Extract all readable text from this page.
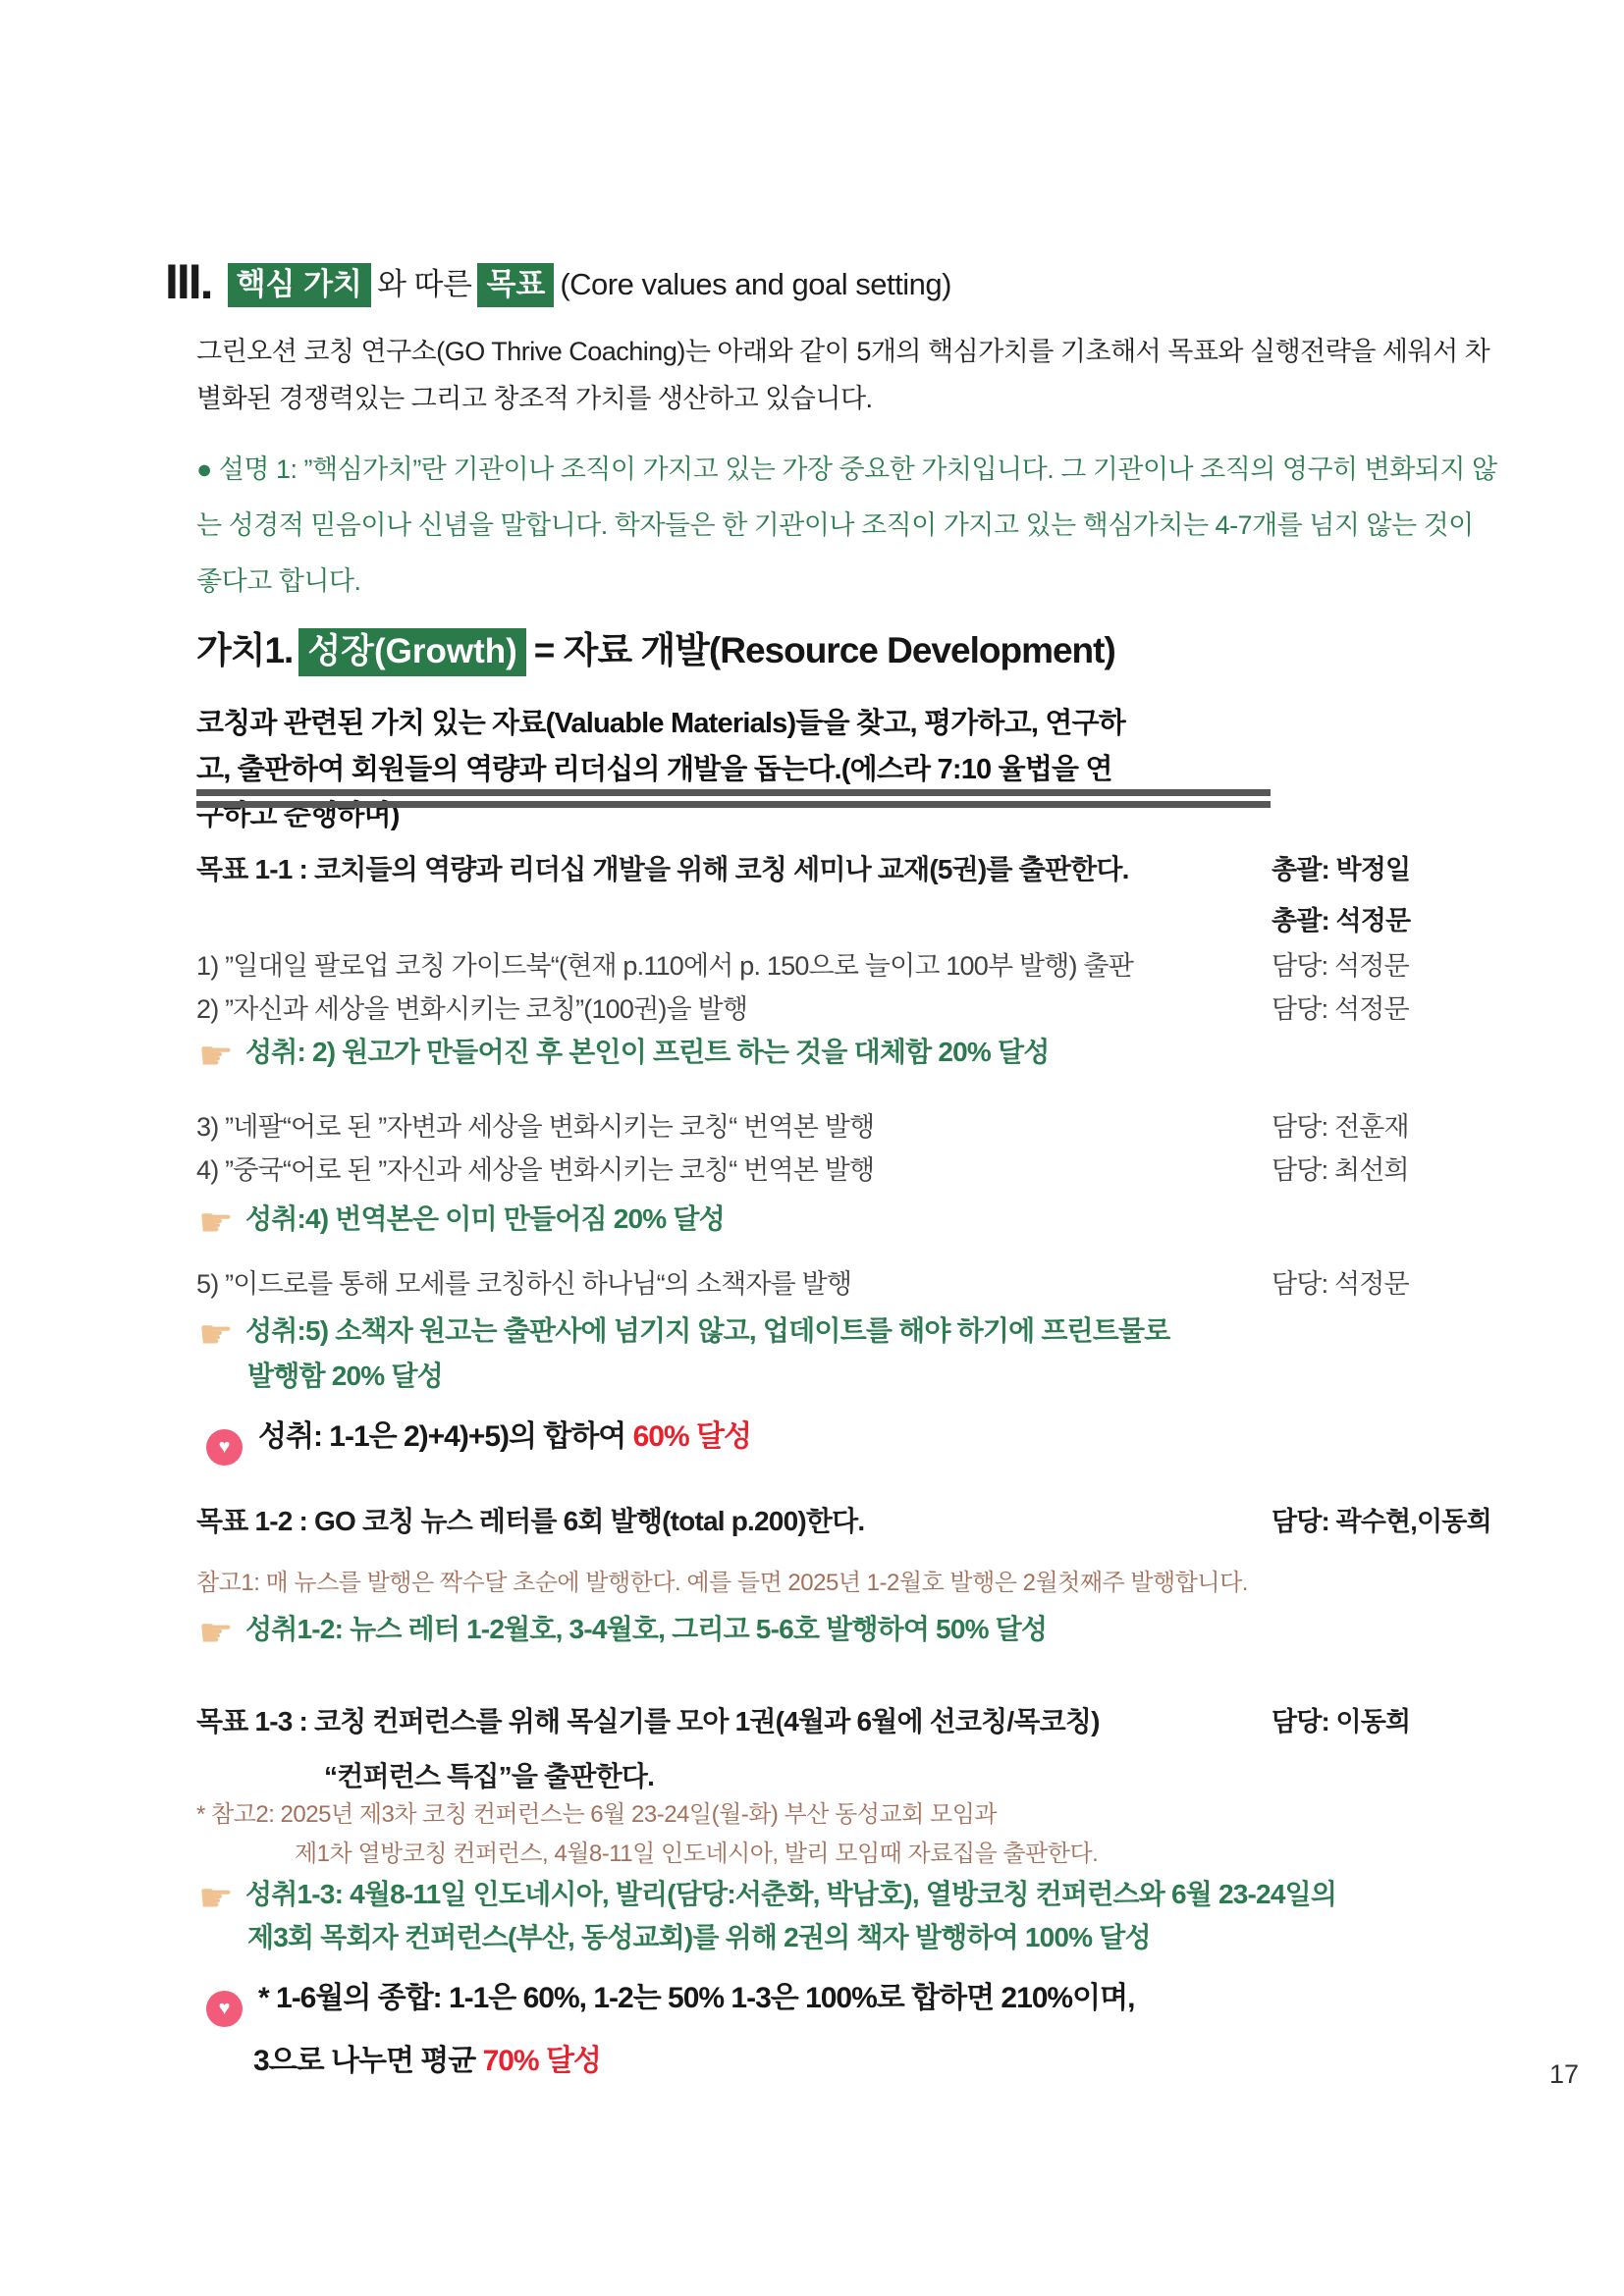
III. 핵심 가치 와 따른 목표 (Core values and goal setting)
그린오션 코칭 연구소(GO Thrive Coaching)는 아래와 같이 5개의 핵심가치를 기초해서 목표와 실행전략을 세워서 차별화된 경쟁력있는 그리고 창조적 가치를 생산하고 있습니다.
● 설명 1: ”핵심가치”란 기관이나 조직이 가지고 있는 가장 중요한 가치입니다. 그 기관이나 조직의 영구히 변화되지 않는 성경적 믿음이나 신념을 말합니다. 학자들은 한 기관이나 조직이 가지고 있는 핵심가치는 4-7개를 넘지 않는 것이 좋다고 합니다.
가치1. 성장(Growth) = 자료 개발(Resource Development)
코칭과 관련된 가치 있는 자료(Valuable Materials)들을 찾고, 평가하고, 연구하고, 출판하여 회원들의 역량과 리더십의 개발을 돕는다.(에스라 7:10 율법을 연구하고 준행하며)
목표 1-1 : 코치들의 역량과 리더십 개발을 위해 코칭 세미나 교재(5권)를 출판한다.	총괄: 박정일
총괄: 석정문
1) ”일대일 팔로업 코칭 가이드북“(현재 p.110에서 p. 150으로 늘이고 100부 발행) 출판	담당: 석정문
2) ”자신과 세상을 변화시키는 코칭”(100권)을 발행	담당: 석정문
☛ 성취: 2) 원고가 만들어진 후 본인이 프린트 하는 것을 대체함 20% 달성
3) ”네팔“어로 된 ”자변과 세상을 변화시키는 코칭“ 번역본 발행	담당: 전훈재
4) ”중국“어로 된 ”자신과 세상을 변화시키는 코칭“ 번역본 발행	담당: 최선희
☛ 성취:4) 번역본은 이미 만들어짐 20% 달성
5) ”이드로를 통해 모세를 코칭하신 하나님“의 소책자를 발행	담당: 석정문
☛ 성취:5) 소책자 원고는 출판사에 넘기지 않고, 업데이트를 해야 하기에 프린트물로
발행함 20% 달성
♥ 성취: 1-1은 2)+4)+5)의 합하여 60% 달성
목표 1-2 : GO 코칭 뉴스 레터를 6회 발행(total p.200)한다.	담당: 곽수현,이동희
참고1: 매 뉴스를 발행은 짝수달 초순에 발행한다. 예를 들면 2025년 1-2월호 발행은 2월첫째주 발행합니다.
☛ 성취1-2: 뉴스 레터 1-2월호, 3-4월호, 그리고 5-6호 발행하여 50% 달성
목표 1-3 : 코칭 컨퍼런스를 위해 목실기를 모아 1권(4월과 6월에 선코칭/목코칭)	담당: 이동희
“컨퍼런스 특집”을 출판한다.
* 참고2: 2025년 제3차 코칭 컨퍼런스는 6월 23-24일(월-화) 부산 동성교회 모임과
제1차 열방코칭 컨퍼런스, 4월8-11일 인도네시아, 발리 모임때 자료집을 출판한다.
☛ 성취1-3: 4월8-11일 인도네시아, 발리(담당:서춘화, 박남호), 열방코칭 컨퍼런스와 6월 23-24일의
제3회 목회자 컨퍼런스(부산, 동성교회)를 위해 2권의 책자 발행하여 100% 달성
♥ * 1-6월의 종합: 1-1은 60%, 1-2는 50% 1-3은 100%로 합하면 210%이며,
3으로 나누면 평균 70% 달성	17
